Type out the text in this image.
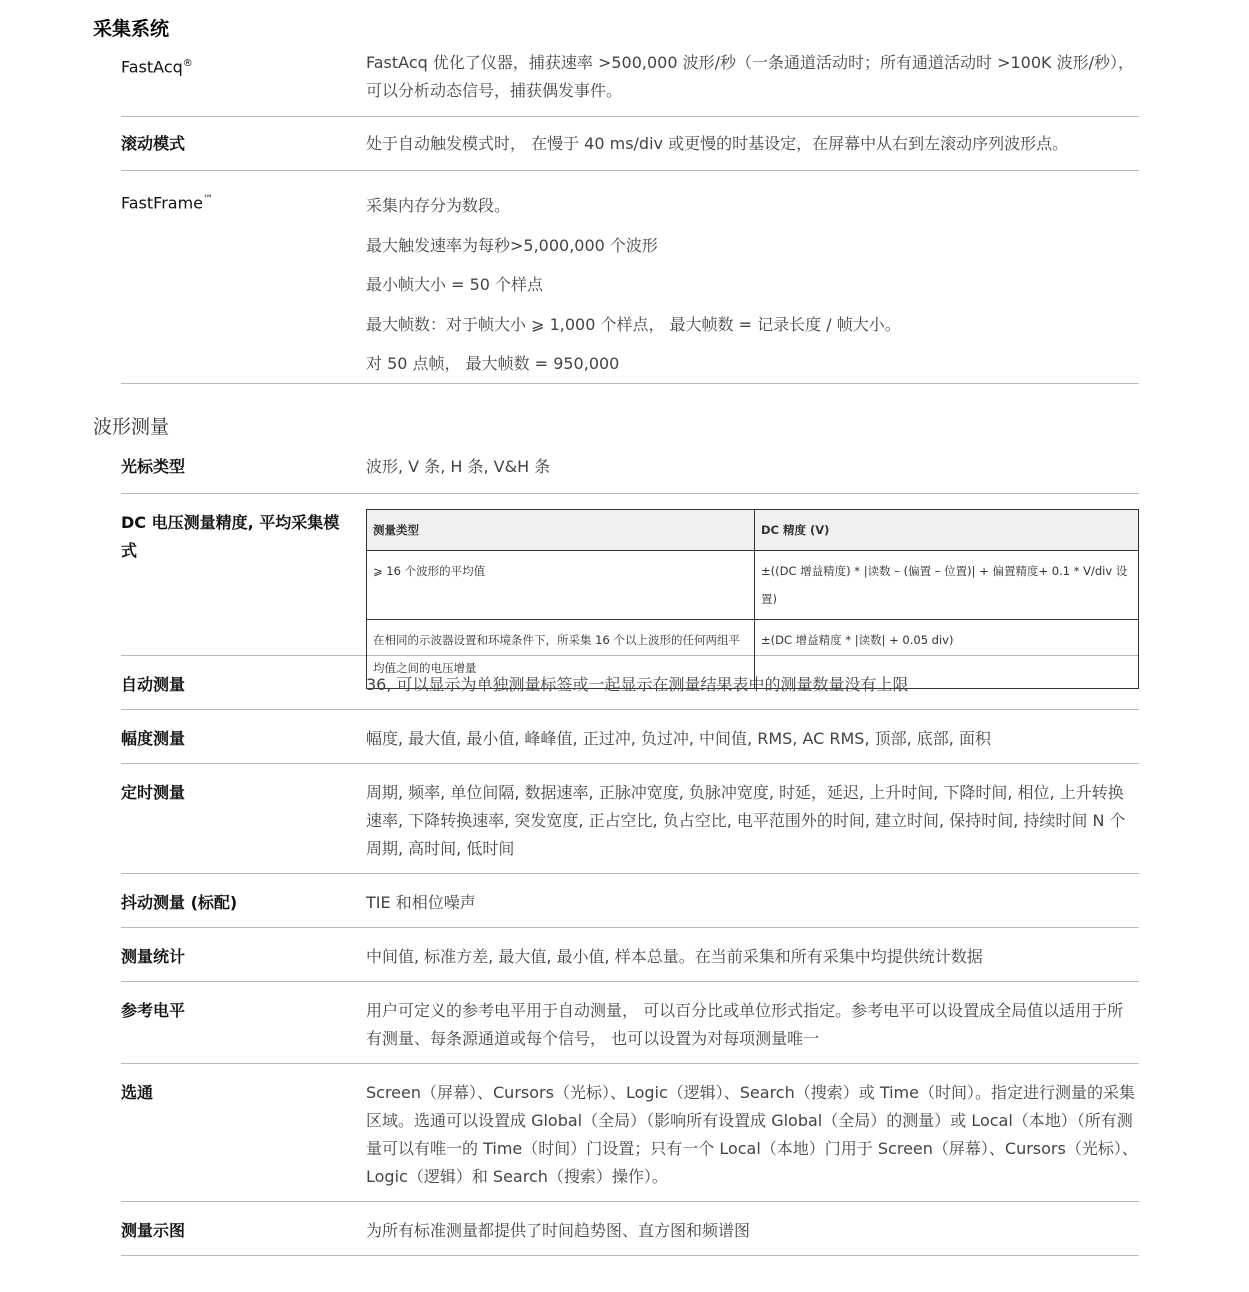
采集系统
FastAcq®	FastAcq 优化了仪器，捕获速率 >500,000 波形/秒（一条通道活动时；所有通道活动时 >100K 波形/秒），可以分析动态信号，捕获偶发事件。
滚动模式	处于自动触发模式时， 在慢于 40 ms/div 或更慢的时基设定，在屏幕中从右到左滚动序列波形点。
FastFrame™	采集内存分为数段。

最大触发速率为每秒>5,000,000 个波形

最小帧大小 = 50 个样点

最大帧数：对于帧大小 ⩾ 1,000 个样点， 最大帧数 = 记录长度 / 帧大小。

对 50 点帧， 最大帧数 = 950,000

波形测量
光标类型	波形, V 条, H 条, V&H 条
DC 电压测量精度, 平均采集模式
测量类型	DC 精度 (V)
⩾ 16 个波形的平均值	±((DC 增益精度) * |读数 – (偏置 – 位置)| + 偏置精度+ 0.1 * V/div 设置)
在相同的示波器设置和环境条件下，所采集 16 个以上波形的任何两组平均值之间的电压增量	±(DC 增益精度 * |读数| + 0.05 div)
自动测量	36, 可以显示为单独测量标签或一起显示在测量结果表中的测量数量没有上限
幅度测量	幅度, 最大值, 最小值, 峰峰值, 正过冲, 负过冲, 中间值, RMS, AC RMS, 顶部, 底部, 面积
定时测量	周期, 频率, 单位间隔, 数据速率, 正脉冲宽度, 负脉冲宽度, 时延，延迟, 上升时间, 下降时间, 相位, 上升转换速率, 下降转换速率, 突发宽度, 正占空比, 负占空比, 电平范围外的时间, 建立时间, 保持时间, 持续时间 N 个周期, 高时间, 低时间
抖动测量 (标配)	TIE 和相位噪声
测量统计	中间值, 标准方差, 最大值, 最小值, 样本总量。在当前采集和所有采集中均提供统计数据
参考电平	用户可定义的参考电平用于自动测量， 可以百分比或单位形式指定。参考电平可以设置成全局值以适用于所有测量、每条源通道或每个信号， 也可以设置为对每项测量唯一
选通	Screen（屏幕）、Cursors（光标）、Logic（逻辑）、Search（搜索）或 Time（时间）。指定进行测量的采集区域。选通可以设置成 Global（全局）（影响所有设置成 Global（全局）的测量）或 Local（本地）（所有测量可以有唯一的 Time（时间）门设置；只有一个 Local（本地）门用于 Screen（屏幕）、Cursors（光标）、Logic（逻辑）和 Search（搜索）操作）。
测量示图	为所有标准测量都提供了时间趋势图、直方图和频谱图
